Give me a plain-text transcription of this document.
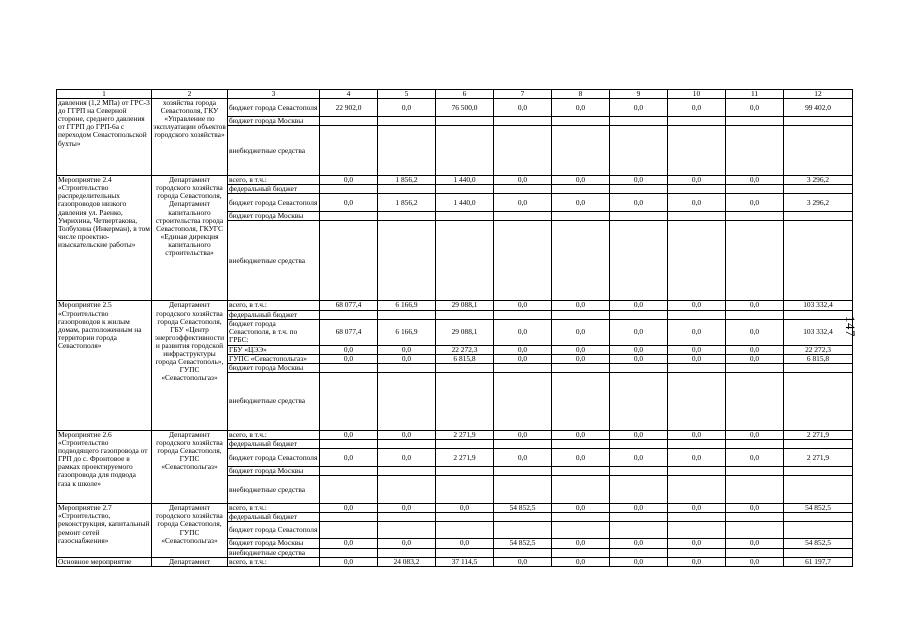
1	2	3	4	5	6	7	8	9	10	11	12
давления (1,2 МПа) от ГРС-3 до ГГРП на Северной стороне, среднего давления от ГГРП до ГРП-6а с переходом Севастопольской бухты»	хозяйства города Севастополя, ГКУ «Управление по эксплуатации объектов городского хозяйства»	бюджет города Севастополя	22 902,0	0,0	76 500,0	0,0	0,0	0,0	0,0	0,0	99 402,0
		бюджет города Москвы									
		внебюджетные средства									
Мероприятие 2.4 «Строительство распределительных газопроводов низкого давления ул. Раенко, Умрихина, Четвертакова, Толбухина (Инкерман), в том числе проектно-изыскательские работы»	Департамент городского хозяйства города Севастополя, Департамент капитального строительства города Севастополя, ГКУГС «Единая дирекция капитального строительства»	всего, в т.ч.:	0,0	1 856,2	1 440,0	0,0	0,0	0,0	0,0	0,0	3 296,2
		федеральный бюджет									
		бюджет города Севастополя	0,0	1 856,2	1 440,0	0,0	0,0	0,0	0,0	0,0	3 296,2
		бюджет города Москвы									
		внебюджетные средства									
Мероприятие 2.5 «Строительство газопроводов к жилым домам, расположенным на территории города Севастополя»	Департамент городского хозяйства города Севастополя, ГБУ «Центр энергоэффективности и развития городской инфраструктуры города Севастополь», ГУПС «Севастопольгаз»	всего, в т.ч.:	68 077,4	6 166,9	29 088,1	0,0	0,0	0,0	0,0	0,0	103 332,4
		федеральный бюджет									
		бюджет города Севастополя, в т.ч. по ГРБС:	68 077,4	6 166,9	29 088,1	0,0	0,0	0,0	0,0	0,0	103 332,4
		ГБУ «ЦЭЭ»	0,0	0,0	22 272,3	0,0	0,0	0,0	0,0	0,0	22 272,3
		ГУПС «Севастопольгаз»	0,0	0,0	6 815,8	0,0	0,0	0,0	0,0	0,0	6 815,8
		бюджет города Москвы									
		внебюджетные средства									
Мероприятие 2.6 «Строительство подводящего газопровода от ГРП до с. Фронтовое в рамках проектируемого газопровода для подвода газа к школе»	Департамент городского хозяйства города Севастополя, ГУПС «Севастопольгаз»	всего, в т.ч.:	0,0	0,0	2 271,9	0,0	0,0	0,0	0,0	0,0	2 271,9
		федеральный бюджет									
		бюджет города Севастополя	0,0	0,0	2 271,9	0,0	0,0	0,0	0,0	0,0	2 271,9
		бюджет города Москвы									
		внебюджетные средства									
Мероприятие 2.7 «Строительство, реконструкция, капитальный ремонт сетей газоснабжения»	Департамент городского хозяйства города Севастополя, ГУПС «Севастопольгаз»	всего, в т.ч.:	0,0	0,0	0,0	54 852,5	0,0	0,0	0,0	0,0	54 852,5
		федеральный бюджет									
		бюджет города Севастополя									
		бюджет города Москвы	0,0	0,0	0,0	54 852,5	0,0	0,0	0,0	0,0	54 852,5
		внебюджетные средства									
Основное мероприятие	Департамент	всего, в т.ч.:	0,0	24 083,2	37 114,5	0,0	0,0	0,0	0,0	0,0	61 197,7
147
